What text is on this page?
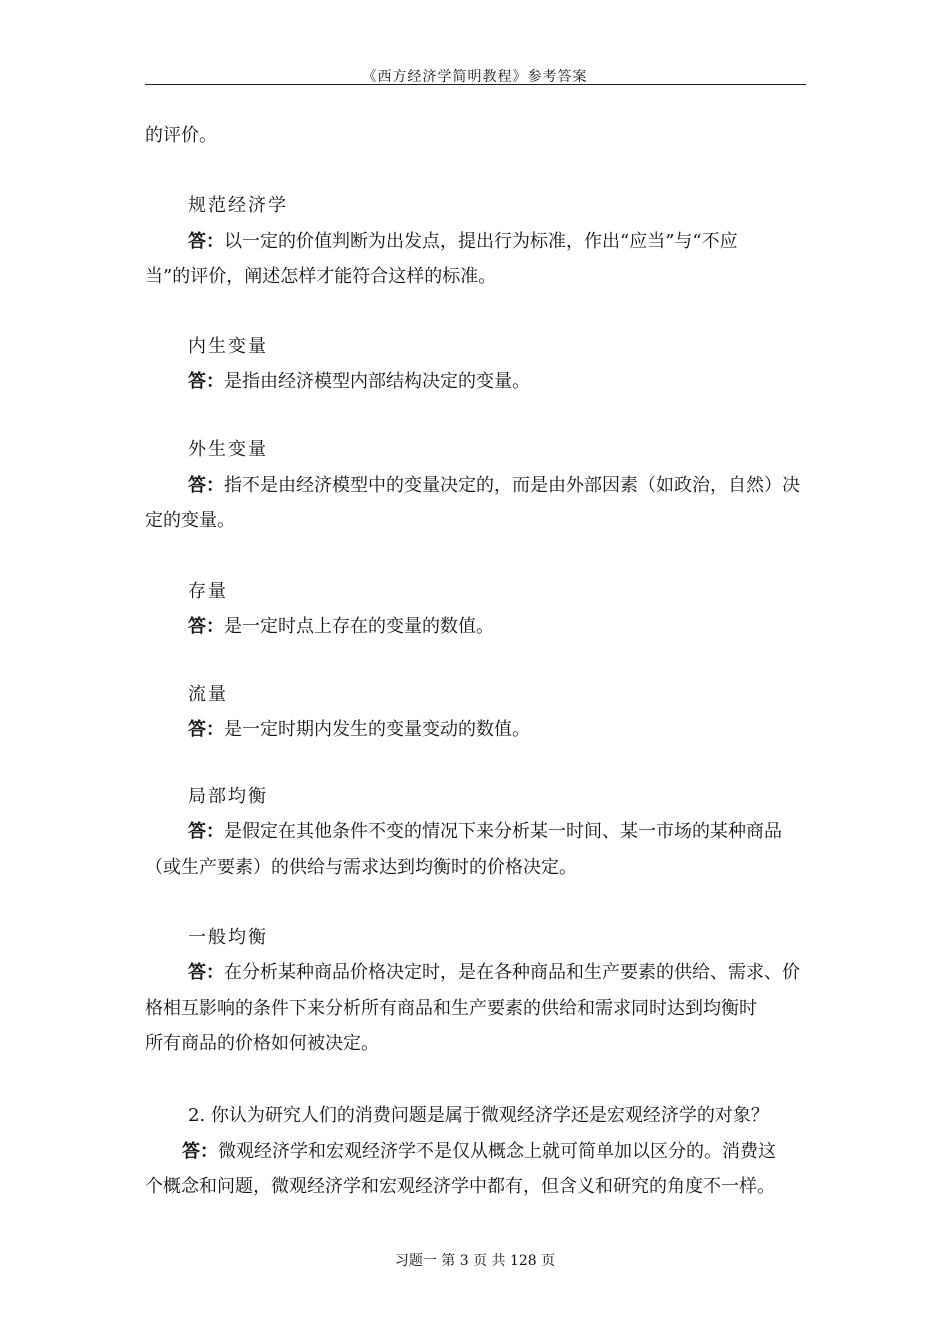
《西方经济学简明教程》参考答案
的评价。
规范经济学
答：以一定的价值判断为出发点，提出行为标准，作出“应当”与“不应
当”的评价，阐述怎样才能符合这样的标准。
内生变量
答：是指由经济模型内部结构决定的变量。
外生变量
答：指不是由经济模型中的变量决定的，而是由外部因素（如政治，自然）决
定的变量。
存量
答：是一定时点上存在的变量的数值。
流量
答：是一定时期内发生的变量变动的数值。
局部均衡
答：是假定在其他条件不变的情况下来分析某一时间、某一市场的某种商品
（或生产要素）的供给与需求达到均衡时的价格决定。
一般均衡
答：在分析某种商品价格决定时，是在各种商品和生产要素的供给、需求、价
格相互影响的条件下来分析所有商品和生产要素的供给和需求同时达到均衡时
所有商品的价格如何被决定。
2. 你认为研究人们的消费问题是属于微观经济学还是宏观经济学的对象？
答：微观经济学和宏观经济学不是仅从概念上就可简单加以区分的。消费这
个概念和问题，微观经济学和宏观经济学中都有，但含义和研究的角度不一样。
习题一 第 3 页 共 128 页
